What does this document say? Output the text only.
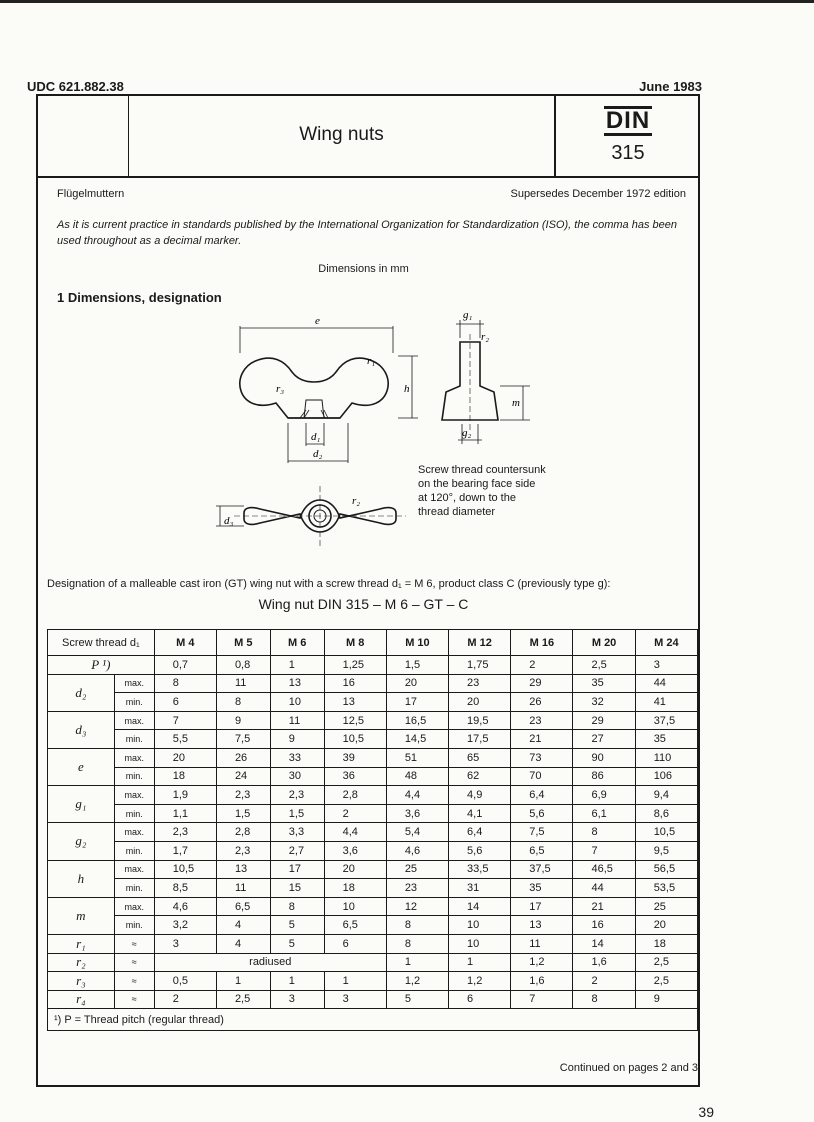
UDC 621.882.38	June 1983
Wing nuts
DIN
315
Flügelmuttern	Supersedes December 1972 edition
As it is current practice in standards published by the International Organization for Standardization (ISO), the comma has been used throughout as a decimal marker.
Dimensions in mm
1 Dimensions, designation
e
h
r₁
r₃
d₁
d₂
g₁
r₂
g₂
m
d₃
r₂
Screw thread countersunk
on the bearing face side
at 120°, down to the
thread diameter
Designation of a malleable cast iron (GT) wing nut with a screw thread d₁ = M 6, product class C (previously type g):
Wing nut DIN 315 – M 6 – GT – C
Screw thread d₁		M 4	M 5	M 6	M 8	M 10	M 12	M 16	M 20	M 24
P ¹)		0,7	0,8	1	1,25	1,5	1,75	2	2,5	3
d₂	max.	8	11	13	16	20	23	29	35	44
	min.	6	8	10	13	17	20	26	32	41
d₃	max.	7	9	11	12,5	16,5	19,5	23	29	37,5
	min.	5,5	7,5	9	10,5	14,5	17,5	21	27	35
e	max.	20	26	33	39	51	65	73	90	110
	min.	18	24	30	36	48	62	70	86	106
g₁	max.	1,9	2,3	2,3	2,8	4,4	4,9	6,4	6,9	9,4
	min.	1,1	1,5	1,5	2	3,6	4,1	5,6	6,1	8,6
g₂	max.	2,3	2,8	3,3	4,4	5,4	6,4	7,5	8	10,5
	min.	1,7	2,3	2,7	3,6	4,6	5,6	6,5	7	9,5
h	max.	10,5	13	17	20	25	33,5	37,5	46,5	56,5
	min.	8,5	11	15	18	23	31	35	44	53,5
m	max.	4,6	6,5	8	10	12	14	17	21	25
	min.	3,2	4	5	6,5	8	10	13	16	20
r₁	≈	3	4	5	6	8	10	11	14	18
r₂	≈	radiused				1	1	1,2	1,6	2,5
r₃	≈	0,5	1	1	1	1,2	1,2	1,6	2	2,5
r₄	≈	2	2,5	3	3	5	6	7	8	9
¹) P = Thread pitch (regular thread)										
Continued on pages 2 and 3
39
